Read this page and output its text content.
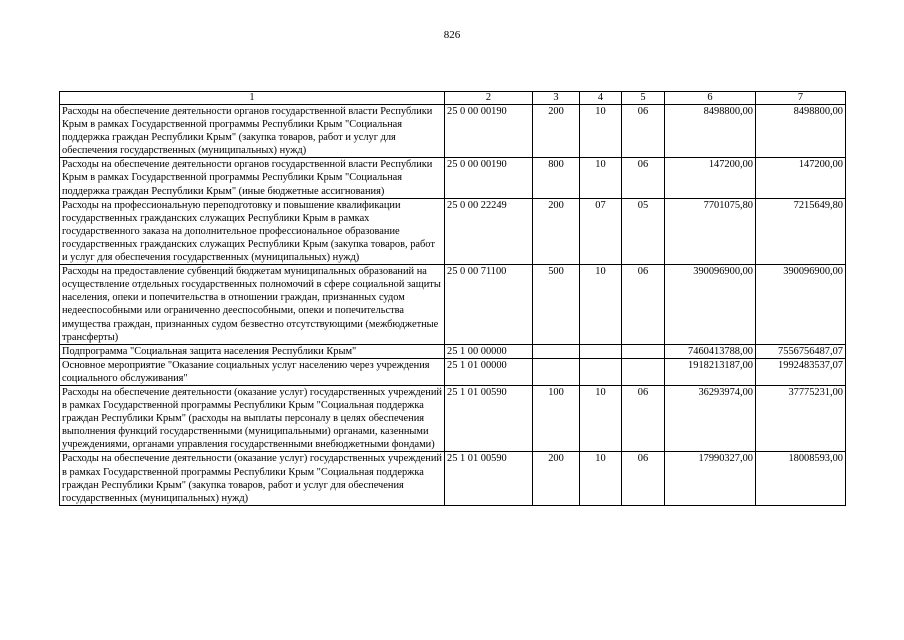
826
1	2	3	4	5	6	7
Расходы на обеспечение деятельности органов государственной власти Республики Крым в рамках Государственной программы Республики Крым "Социальная поддержка граждан Республики Крым" (закупка товаров, работ и услуг для обеспечения государственных (муниципальных) нужд)	25 0 00 00190	200	10	06	8498800,00	8498800,00
Расходы на обеспечение деятельности органов государственной власти Республики Крым в рамках Государственной программы Республики Крым "Социальная поддержка граждан Республики Крым" (иные бюджетные ассигнования)	25 0 00 00190	800	10	06	147200,00	147200,00
Расходы на профессиональную переподготовку и повышение квалификации государственных гражданских служащих Республики Крым в рамках государственного заказа на дополнительное профессиональное образование государственных гражданских служащих Республики Крым (закупка товаров, работ и услуг для обеспечения государственных (муниципальных) нужд)	25 0 00 22249	200	07	05	7701075,80	7215649,80
Расходы на предоставление субвенций бюджетам муниципальных образований на осуществление отдельных государственных полномочий в сфере социальной защиты населения, опеки и попечительства в отношении граждан, признанных судом недееспособными или ограниченно дееспособными, опеки и попечительства имущества граждан, признанных судом безвестно отсутствующими (межбюджетные трансферты)	25 0 00 71100	500	10	06	390096900,00	390096900,00
Подпрограмма "Социальная защита населения Республики Крым"	25 1 00 00000				7460413788,00	7556756487,07
Основное мероприятие "Оказание социальных услуг населению через учреждения социального обслуживания"	25 1 01 00000				1918213187,00	1992483537,07
Расходы на обеспечение деятельности (оказание услуг) государственных учреждений в рамках Государственной программы Республики Крым "Социальная поддержка граждан Республики Крым" (расходы на выплаты персоналу в целях обеспечения выполнения функций государственными (муниципальными) органами, казенными учреждениями, органами управления государственными внебюджетными фондами)	25 1 01 00590	100	10	06	36293974,00	37775231,00
Расходы на обеспечение деятельности (оказание услуг) государственных учреждений в рамках Государственной программы Республики Крым "Социальная поддержка граждан Республики Крым" (закупка товаров, работ и услуг для обеспечения государственных (муниципальных) нужд)	25 1 01 00590	200	10	06	17990327,00	18008593,00
